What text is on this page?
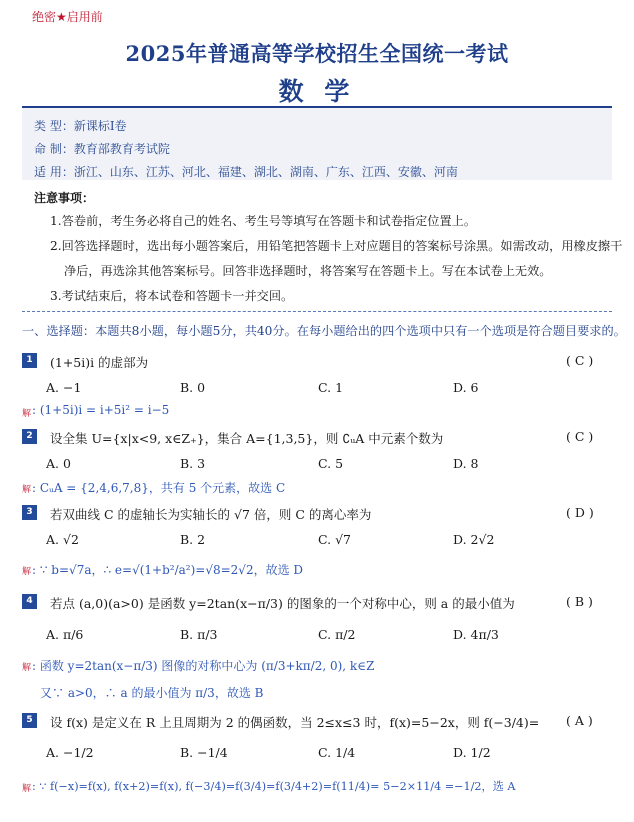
绝密★启用前
2025年普通高等学校招生全国统一考试
数 学
类 型：新课标Ⅰ卷
命 制：教育部教育考试院
适 用：浙江、山东、江苏、河北、福建、湖北、湖南、广东、江西、安徽、河南
注意事项：
1.答卷前，考生务必将自己的姓名、考生号等填写在答题卡和试卷指定位置上。
2.回答选择题时，选出每小题答案后，用铅笔把答题卡上对应题目的答案标号涂黑。如需改动，用橡皮擦干
净后，再选涂其他答案标号。回答非选择题时，将答案写在答题卡上。写在本试卷上无效。
3.考试结束后，将本试卷和答题卡一并交回。
一、选择题：本题共8小题，每小题5分，共40分。在每小题给出的四个选项中只有一个选项是符合题目要求的。
1	(1+5i)i 的虚部为	( C )
A. −1	B. 0	C. 1	D. 6
解 : (1+5i)i = i+5i² = i−5
2	设全集 U={x|x<9, x∈Z₊}，集合 A={1,3,5}，则 ∁ᵤA 中元素个数为	( C )
A. 0	B. 3	C. 5	D. 8
解 : CᵤA = {2,4,6,7,8}，共有 5 个元素，故选 C
3	若双曲线 C 的虚轴长为实轴长的 √7 倍，则 C 的离心率为	( D )
A. √2	B. 2	C. √7	D. 2√2
解 : ∵ b=√7a，∴ e=√(1+b²/a²)=√8=2√2，故选 D
4	若点 (a,0)(a>0) 是函数 y=2tan(x−π/3) 的图象的一个对称中心，则 a 的最小值为	( B )
A. π/6	B. π/3	C. π/2	D. 4π/3
解 : 函数 y=2tan(x−π/3) 图像的对称中心为 (π/3+kπ/2, 0), k∈Z
又∵ a>0，∴ a 的最小值为 π/3，故选 B
5	设 f(x) 是定义在 R 上且周期为 2 的偶函数，当 2≤x≤3 时，f(x)=5−2x，则 f(−3/4)= ( A )
A. −1/2	B. −1/4	C. 1/4	D. 1/2
解 : ∵ f(−x)=f(x), f(x+2)=f(x), f(−3/4)=f(3/4)=f(3/4+2)=f(11/4)= 5−2×11/4 =−1/2，选 A
